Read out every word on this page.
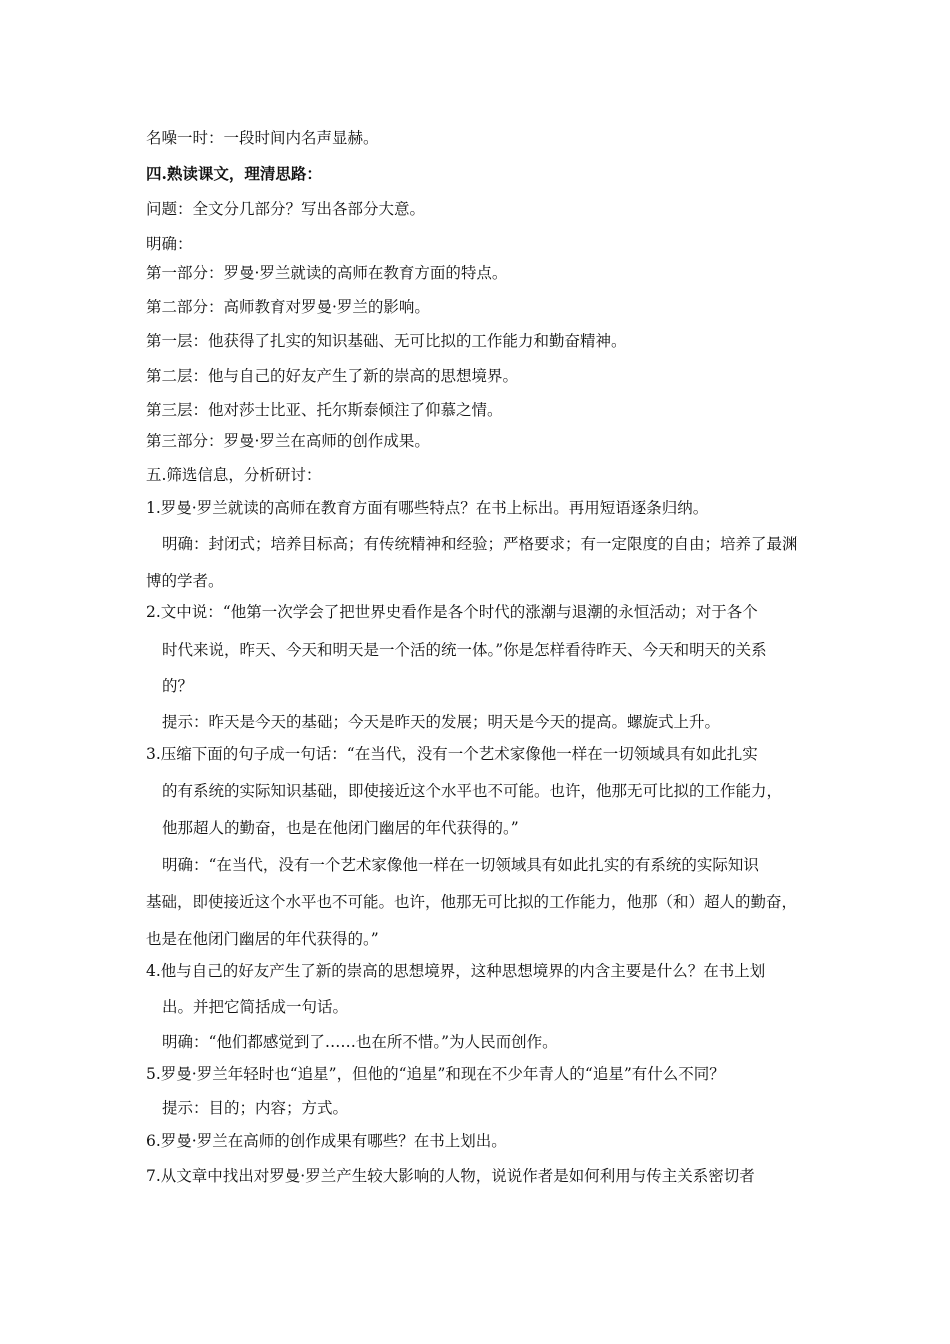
名噪一时：一段时间内名声显赫。
四.熟读课文，理清思路：
问题：全文分几部分？写出各部分大意。
明确：
第一部分：罗曼·罗兰就读的高师在教育方面的特点。
第二部分：高师教育对罗曼·罗兰的影响。
第一层：他获得了扎实的知识基础、无可比拟的工作能力和勤奋精神。
第二层：他与自己的好友产生了新的崇高的思想境界。
第三层：他对莎士比亚、托尔斯泰倾注了仰慕之情。
第三部分：罗曼·罗兰在高师的创作成果。
五.筛选信息，分析研讨：
1.罗曼·罗兰就读的高师在教育方面有哪些特点？在书上标出。再用短语逐条归纳。
明确：封闭式；培养目标高；有传统精神和经验；严格要求；有一定限度的自由；培养了最渊
博的学者。
2.文中说：“他第一次学会了把世界史看作是各个时代的涨潮与退潮的永恒活动；对于各个
时代来说，昨天、今天和明天是一个活的统一体。”你是怎样看待昨天、今天和明天的关系
的？
提示：昨天是今天的基础；今天是昨天的发展；明天是今天的提高。螺旋式上升。
3.压缩下面的句子成一句话：“在当代，没有一个艺术家像他一样在一切领域具有如此扎实
的有系统的实际知识基础，即使接近这个水平也不可能。也许，他那无可比拟的工作能力，
他那超人的勤奋，也是在他闭门幽居的年代获得的。”
明确：“在当代，没有一个艺术家像他一样在一切领域具有如此扎实的有系统的实际知识
基础，即使接近这个水平也不可能。也许，他那无可比拟的工作能力，他那（和）超人的勤奋，
也是在他闭门幽居的年代获得的。”
4.他与自己的好友产生了新的崇高的思想境界，这种思想境界的内含主要是什么？在书上划
出。并把它简括成一句话。
明确：“他们都感觉到了……也在所不惜。”为人民而创作。
5.罗曼·罗兰年轻时也“追星”，但他的“追星”和现在不少年青人的“追星”有什么不同？
提示：目的；内容；方式。
6.罗曼·罗兰在高师的创作成果有哪些？在书上划出。
7.从文章中找出对罗曼·罗兰产生较大影响的人物，说说作者是如何利用与传主关系密切者
